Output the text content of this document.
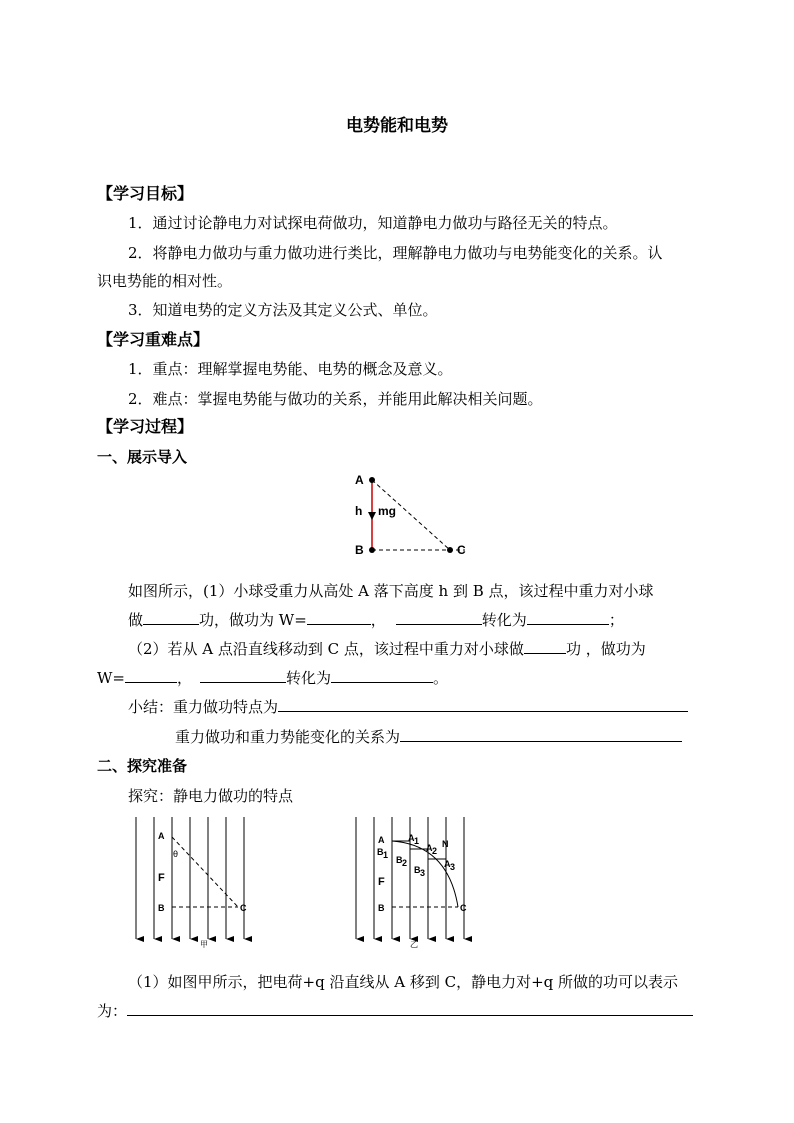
电势能和电势
【学习目标】
1．通过讨论静电力对试探电荷做功，知道静电力做功与路径无关的特点。
2．将静电力做功与重力做功进行类比，理解静电力做功与电势能变化的关系。认
识电势能的相对性。
3．知道电势的定义方法及其定义公式、单位。
【学习重难点】
1．重点：理解掌握电势能、电势的概念及意义。
2．难点：掌握电势能与做功的关系，并能用此解决相关问题。
【学习过程】
一、展示导入
A
B	C
h mg
如图所示，(1）小球受重力从高处 A 落下高度 h 到 B 点，该过程中重力对小球
做	功，做功为 W=	，	转化为	；
（2）若从 A 点沿直线移动到 C 点，该过程中重力对小球做	功 ，做功为
W=	，	转化为	。
小结：重力做功特点为
重力做功和重力势能变化的关系为
二、探究准备
探究：静电力做功的特点
A
B	C
F
θ
甲
A
B 1 B 2
B 3
A 1
A 2
A 3
N
B	C
F
乙
（1）如图甲所示，把电荷+q 沿直线从 A 移到 C，静电力对+q 所做的功可以表示
为：
